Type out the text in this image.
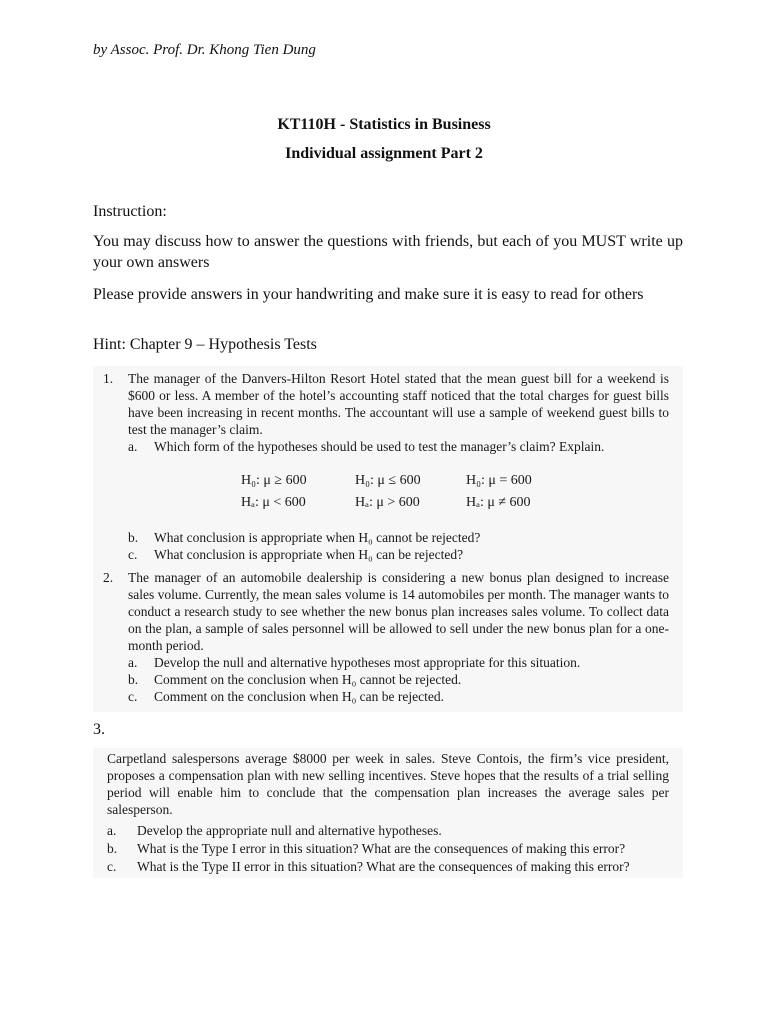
by Assoc. Prof. Dr. Khong Tien Dung
KT110H - Statistics in Business
Individual assignment Part 2
Instruction:
You may discuss how to answer the questions with friends, but each of you MUST write up your own answers
Please provide answers in your handwriting and make sure it is easy to read for others
Hint: Chapter 9 – Hypothesis Tests
1. The manager of the Danvers-Hilton Resort Hotel stated that the mean guest bill for a weekend is $600 or less. A member of the hotel’s accounting staff noticed that the total charges for guest bills have been increasing in recent months. The accountant will use a sample of weekend guest bills to test the manager’s claim.
a. Which form of the hypotheses should be used to test the manager’s claim? Explain.
H₀: μ ≥ 600
Hₐ: μ < 600
H₀: μ ≤ 600
Hₐ: μ > 600
H₀: μ = 600
Hₐ: μ ≠ 600
b. What conclusion is appropriate when H₀ cannot be rejected?
c. What conclusion is appropriate when H₀ can be rejected?
2. The manager of an automobile dealership is considering a new bonus plan designed to increase sales volume. Currently, the mean sales volume is 14 automobiles per month. The manager wants to conduct a research study to see whether the new bonus plan increases sales volume. To collect data on the plan, a sample of sales personnel will be allowed to sell under the new bonus plan for a one-month period.
a. Develop the null and alternative hypotheses most appropriate for this situation.
b. Comment on the conclusion when H₀ cannot be rejected.
c. Comment on the conclusion when H₀ can be rejected.
3.
Carpetland salespersons average $8000 per week in sales. Steve Contois, the firm’s vice president, proposes a compensation plan with new selling incentives. Steve hopes that the results of a trial selling period will enable him to conclude that the compensation plan increases the average sales per salesperson.
a. Develop the appropriate null and alternative hypotheses.
b. What is the Type I error in this situation? What are the consequences of making this error?
c. What is the Type II error in this situation? What are the consequences of making this error?
